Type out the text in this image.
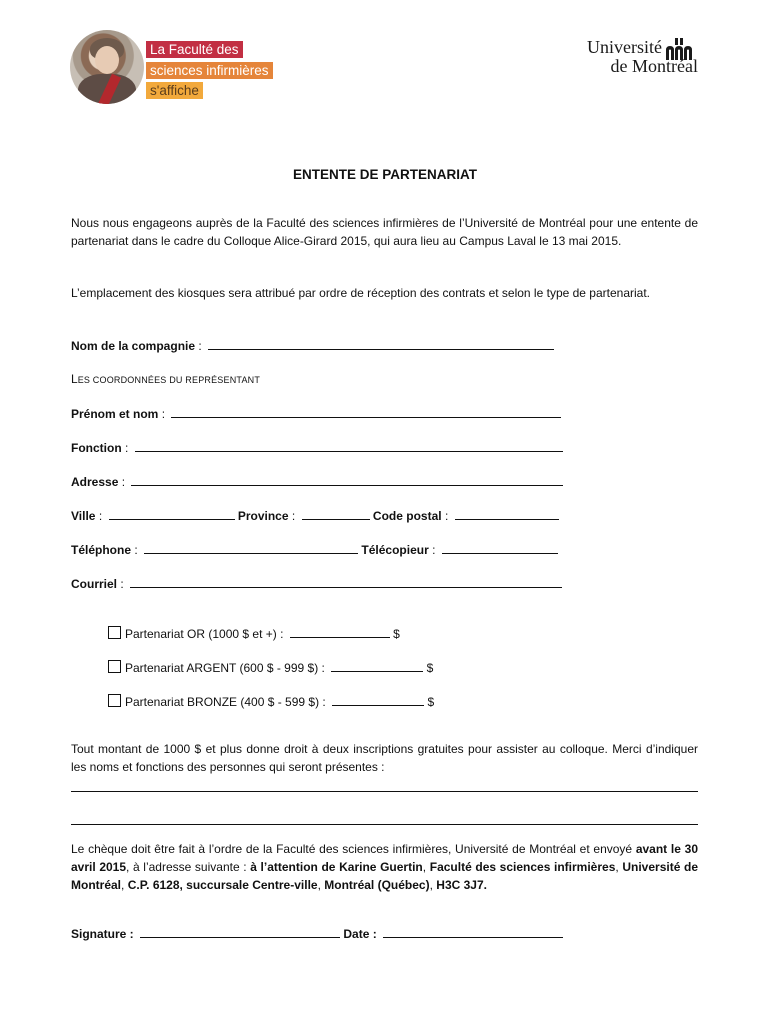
La Faculté des
sciences infirmières
s'affiche
Université
de Montréal
ENTENTE DE PARTENARIAT
Nous nous engageons auprès de la Faculté des sciences infirmières de l’Université de Montréal pour une entente de partenariat dans le cadre du Colloque Alice-Girard 2015, qui aura lieu au Campus Laval le 13 mai 2015.
L’emplacement des kiosques sera attribué par ordre de réception des contrats et selon le type de partenariat.
Nom de la compagnie :
LES COORDONNÉES DU REPRÉSENTANT
Prénom et nom :
Fonction :
Adresse :
Ville :	Province :	Code postal :
Téléphone :	Télécopieur :
Courriel :
Partenariat OR (1000 $ et +) :	$
Partenariat ARGENT (600 $ - 999 $) :	$
Partenariat BRONZE (400 $ - 599 $) :	$
Tout montant de 1000 $ et plus donne droit à deux inscriptions gratuites pour assister au colloque. Merci d’indiquer les noms et fonctions des personnes qui seront présentes :
Le chèque doit être fait à l’ordre de la Faculté des sciences infirmières, Université de Montréal et envoyé avant le 30 avril 2015, à l’adresse suivante : à l’attention de Karine Guertin, Faculté des sciences infirmières, Université de Montréal, C.P. 6128, succursale Centre-ville, Montréal (Québec), H3C 3J7.
Signature :	Date :
